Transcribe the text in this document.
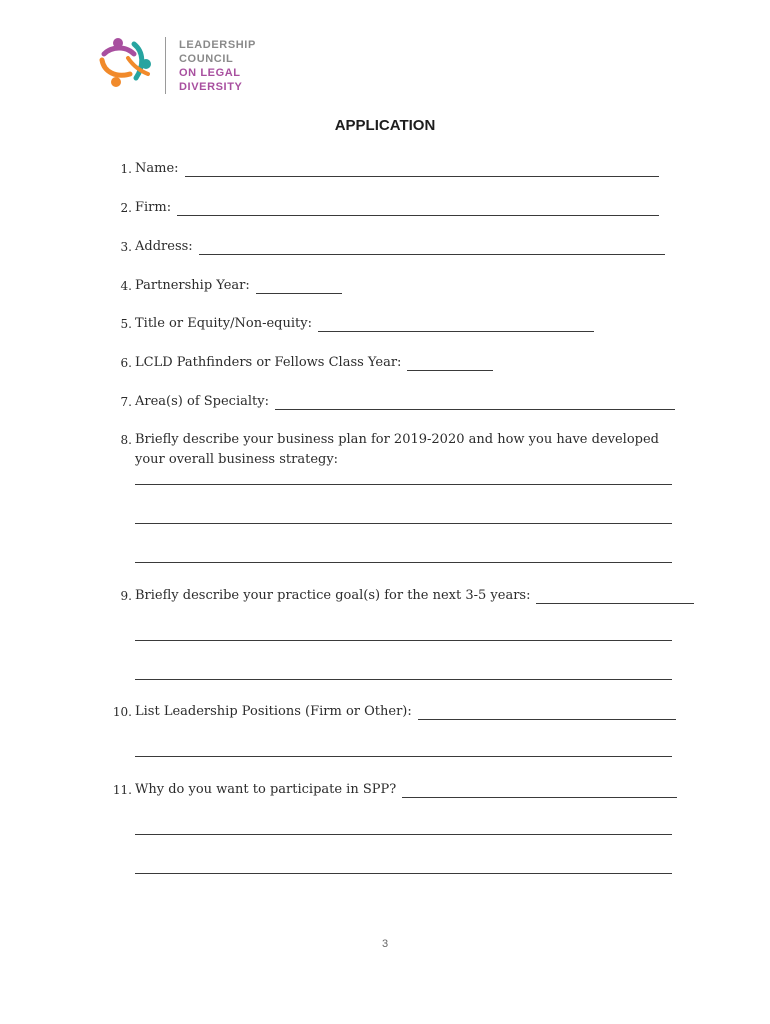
LEADERSHIP
COUNCIL
ON LEGAL
DIVERSITY
APPLICATION
1. Name:
2. Firm:
3. Address:
4. Partnership Year:
5. Title or Equity/Non-equity:
6. LCLD Pathfinders or Fellows Class Year:
7. Area(s) of Specialty:
8. Briefly describe your business plan for 2019-2020 and how you have developed your overall business strategy:
9. Briefly describe your practice goal(s) for the next 3-5 years:
10. List Leadership Positions (Firm or Other):
11. Why do you want to participate in SPP?
3
